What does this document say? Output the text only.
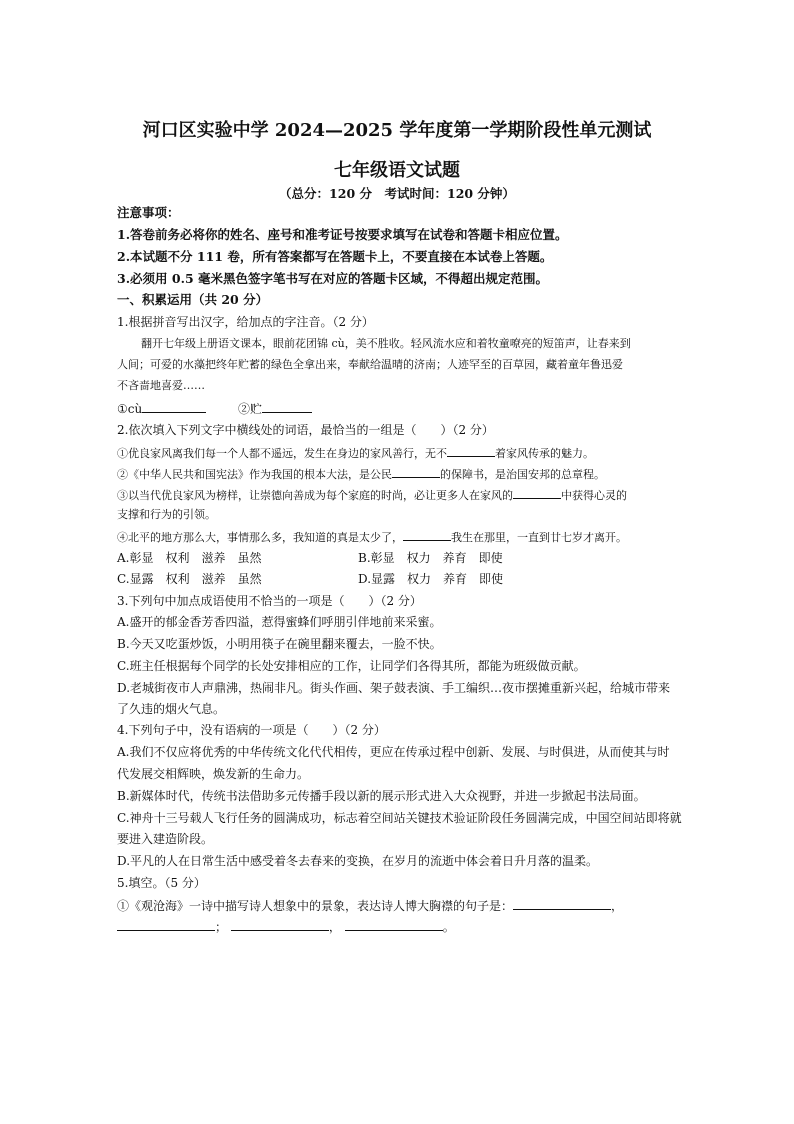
河口区实验中学 2024—2025 学年度第一学期阶段性单元测试
七年级语文试题
（总分：120 分　考试时间：120 分钟）
注意事项：
1.答卷前务必将你的姓名、座号和准考证号按要求填写在试卷和答题卡相应位置。
2.本试题不分 111 卷，所有答案都写在答题卡上，不要直接在本试卷上答题。
3.必须用 0.5 毫米黑色签字笔书写在对应的答题卡区域，不得超出规定范围。
一、积累运用（共 20 分）
1.根据拼音写出汉字，给加点的字注音。（2 分）
翻开七年级上册语文课本，眼前花团锦 cù，美不胜收。轻风流水应和着牧童嘹亮的短笛声，让春来到
人间；可爱的水藻把终年贮蓄的绿色全拿出来，奉献给温晴的济南；人迹罕至的百草园，藏着童年鲁迅爱
不吝啬地喜爱……
①cù	②贮
2.依次填入下列文字中横线处的词语，最恰当的一组是（　　）（2 分）
①优良家风离我们每一个人都不遥远，发生在身边的家风善行，无不	着家风传承的魅力。
②《中华人民共和国宪法》作为我国的根本大法，是公民	的保障书，是治国安邦的总章程。
③以当代优良家风为榜样，让崇德向善成为每个家庭的时尚，必让更多人在家风的	中获得心灵的
支撑和行为的引领。
④北平的地方那么大，事情那么多，我知道的真是太少了，	我生在那里，一直到廿七岁才离开。
A.彰显　权利　滋养　虽然	B.彰显　权力　养育　即使
C.显露　权利　滋养　虽然	D.显露　权力　养育　即使
3.下列句中加点成语使用不恰当的一项是（　　）（2 分）
A.盛开的郁金香芳香四溢，惹得蜜蜂们呼朋引伴地前来采蜜。
B.今天又吃蛋炒饭，小明用筷子在碗里翻来覆去，一脸不快。
C.班主任根据每个同学的长处安排相应的工作，让同学们各得其所，都能为班级做贡献。
D.老城街夜市人声鼎沸，热闹非凡。街头作画、架子鼓表演、手工编织…夜市摆摊重新兴起，给城市带来
了久违的烟火气息。
4.下列句子中，没有语病的一项是（　　）（2 分）
A.我们不仅应将优秀的中华传统文化代代相传，更应在传承过程中创新、发展、与时俱进，从而使其与时
代发展交相辉映，焕发新的生命力。
B.新媒体时代，传统书法借助多元传播手段以新的展示形式进入大众视野，并进一步掀起书法局面。
C.神舟十三号载人飞行任务的圆满成功，标志着空间站关键技术验证阶段任务圆满完成，中国空间站即将就
要进入建造阶段。
D.平凡的人在日常生活中感受着冬去春来的变换，在岁月的流逝中体会着日升月落的温柔。
5.填空。（5 分）
①《观沧海》一诗中描写诗人想象中的景象，表达诗人博大胸襟的句子是：	，
；	，	。
